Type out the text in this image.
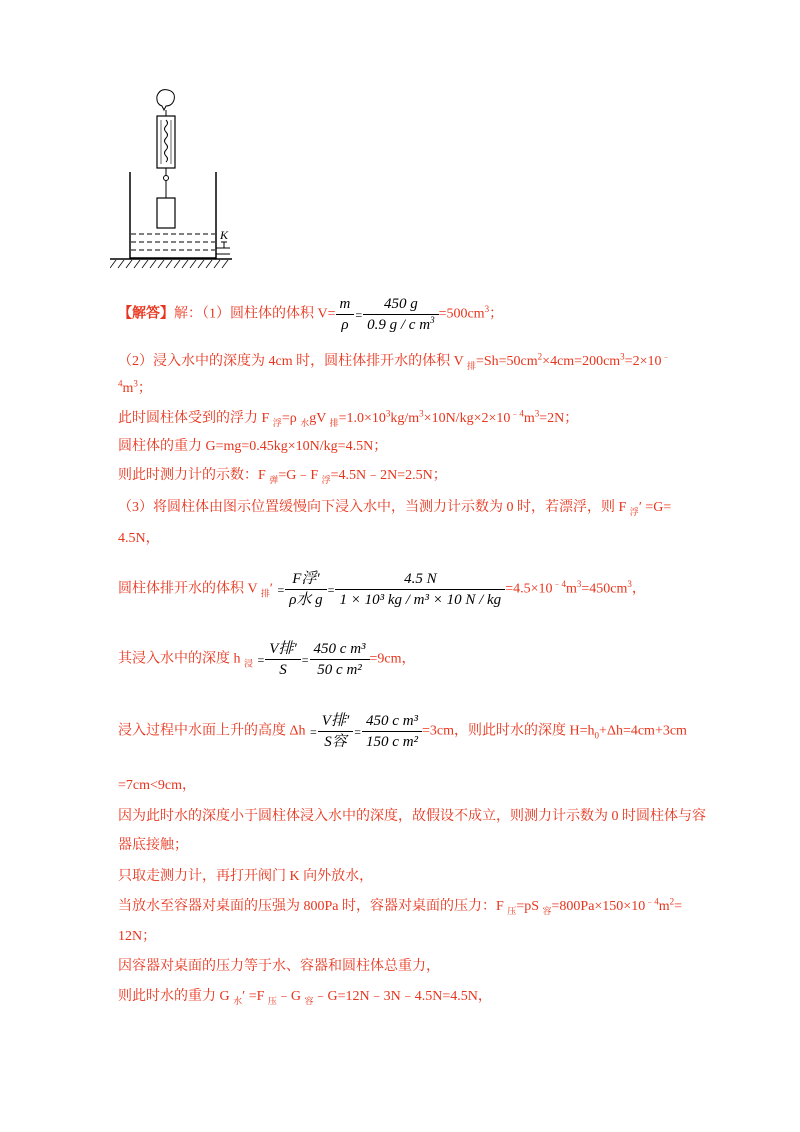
K
【解答】解：（1）圆柱体的体积 $V= \frac{m}{\rho} = \frac{450 g}{0.9 g / c m^3} =500cm^3$；
（2）浸入水中的深度为 4cm 时，圆柱体排开水的体积 V $_排=Sh=50cm^2\times 4cm=200cm^3=2\times 10^﹣$
$^4m^3$；
此时圆柱体受到的浮力 F $_浮$=ρ $_水$gV $_排=1.0\times 10^3kg/m^3\times 10N/kg\times 2\times 10^{﹣4}m^3=2N$；
圆柱体的重力 G=mg=0.45kg×10N/kg=4.5N；
则此时测力计的示数：F $_弹$=G﹣F $_浮$=4.5N﹣2N=2.5N；
（3）将圆柱体由图示位置缓慢向下浸入水中，当测力计示数为 0 时，若漂浮，则 F $_浮$′ =G=
4.5N，
圆柱体排开水的体积 V $_排' = \frac{\text{F浮′}}{\text{ρ水 g}} = \frac{4.5 N}{\text{1 × 10³ kg / m³ × 10 N / kg}} =4.5\times 10^{﹣4}m^3=450cm^3$，
其浸入水中的深度 h $_浸 = \frac{\text{V排′}}{S} = \frac{\text{450 c m³}}{\text{50 c m²}} =9cm$，
浸入过程中水面上升的高度 $\Delta h = \frac{\text{V排′}}{\text{S容}} = \frac{\text{450 c m³}}{\text{150 c m²}} =3cm$，则此时水的深度 $H=h_0+\Delta h=4cm+3cm$
=7cm<9cm，
因为此时水的深度小于圆柱体浸入水中的深度，故假设不成立，则测力计示数为 0 时圆柱体与容
器底接触；
只取走测力计，再打开阀门 K 向外放水，
当放水至容器对桌面的压强为 800Pa 时，容器对桌面的压力：F $_压$=pS $_容=800Pa\times 150\times 10^{﹣4}m^2=$
12N；
因容器对桌面的压力等于水、容器和圆柱体总重力，
则此时水的重力 G $_水$′ =F $_压$﹣G $_容$﹣G=12N﹣3N﹣4.5N=4.5N，
